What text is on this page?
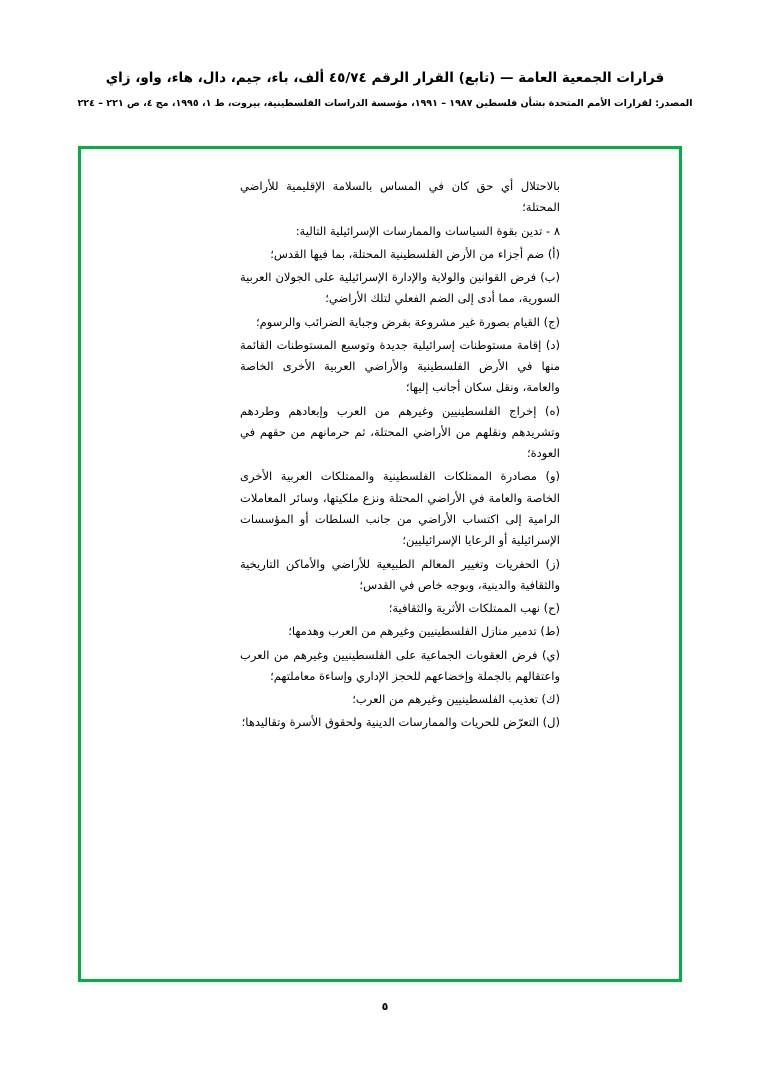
قرارات الجمعية العامة — (تابع) القرار الرقم ٤٥/٧٤ ألف، باء، جيم، دال، هاء، واو، زاي
المصدر: لقرارات الأمم المتحدة بشأن فلسطين ١٩٨٧ – ١٩٩١، مؤسسة الدراسات الفلسطينية، بيروت، ط ١، ١٩٩٥، مج ٤، ص ٢٢١ – ٢٢٤

بالاحتلال أي حق كان في المساس بالسلامة الإقليمية للأراضي المحتلة؛

٨ - تدين بقوة السياسات والممارسات الإسرائيلية التالية:

(أ) ضم أجزاء من الأرض الفلسطينية المحتلة، بما فيها القدس؛

(ب) فرض القوانين والولاية والإدارة الإسرائيلية على الجولان العربية السورية، مما أدى إلى الضم الفعلي لتلك الأراضي؛

(ج) القيام بصورة غير مشروعة بفرض وجباية الضرائب والرسوم؛

(د) إقامة مستوطنات إسرائيلية جديدة وتوسيع المستوطنات القائمة منها في الأرض الفلسطينية والأراضي العربية الأخرى الخاصة والعامة، ونقل سكان أجانب إليها؛

(ه) إخراج الفلسطينيين وغيرهم من العرب وإبعادهم وطردهم وتشريدهم ونقلهم من الأراضي المحتلة، ثم حرمانهم من حقهم في العودة؛

(و) مصادرة الممتلكات الفلسطينية والممتلكات العربية الأخرى الخاصة والعامة في الأراضي المحتلة ونزع ملكيتها، وسائر المعاملات الرامية إلى اكتساب الأراضي من جانب السلطات أو المؤسسات الإسرائيلية أو الرعايا الإسرائيليين؛

(ز) الحفريات وتغيير المعالم الطبيعية للأراضي والأماكن التاريخية والثقافية والدينية، وبوجه خاص في القدس؛

(ح) نهب الممتلكات الأثرية والثقافية؛

(ط) تدمير منازل الفلسطينيين وغيرهم من العرب وهدمها؛

(ي) فرض العقوبات الجماعية على الفلسطينيين وغيرهم من العرب واعتقالهم بالجملة وإخضاعهم للحجز الإداري وإساءة معاملتهم؛

(ك) تعذيب الفلسطينيين وغيرهم من العرب؛

(ل) التعرّض للحريات والممارسات الدينية ولحقوق الأسرة وتقاليدها؛

٥
